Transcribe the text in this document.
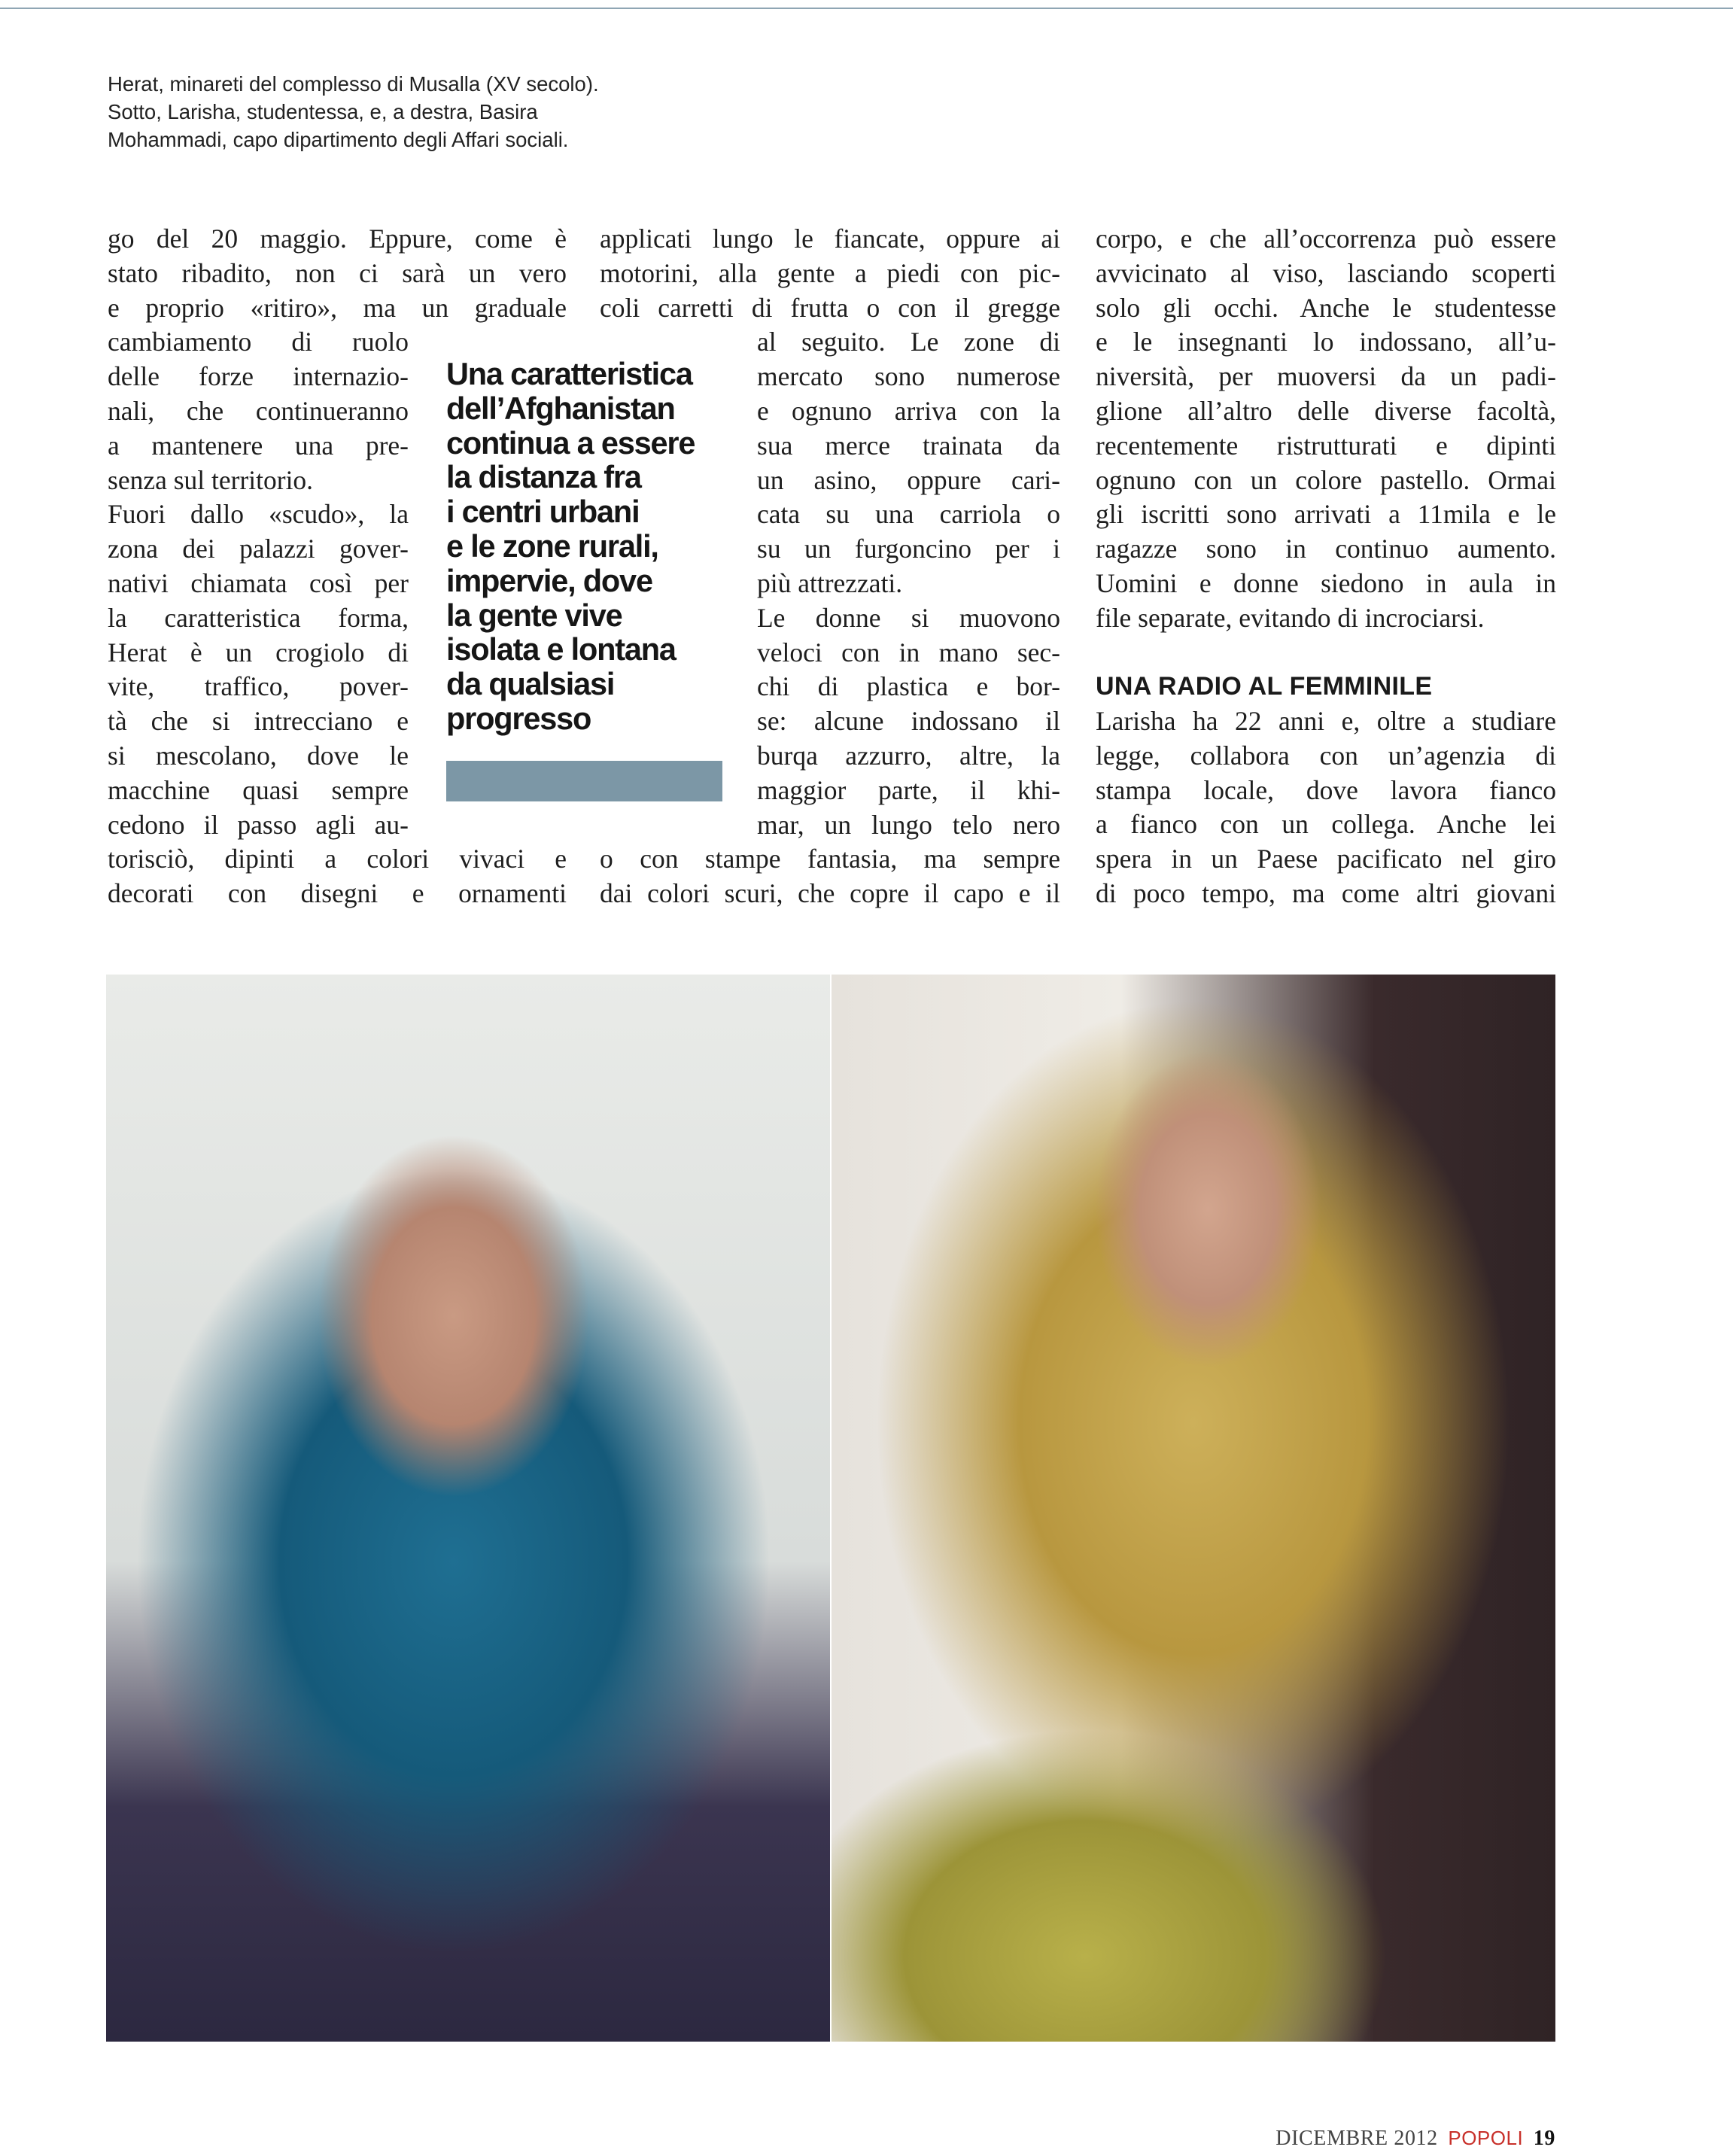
Herat, minareti del complesso di Musalla (XV secolo).
Sotto, Larisha, studentessa, e, a destra, Basira
Mohammadi, capo dipartimento degli Affari sociali.
go del 20 maggio. Eppure, come è
stato ribadito, non ci sarà un vero
e proprio «ritiro», ma un graduale
cambiamento di ruolo
delle forze internazio-
nali, che continueranno
a mantenere una pre-
senza sul territorio.
Fuori dallo «scudo», la
zona dei palazzi gover-
nativi chiamata così per
la caratteristica forma,
Herat è un crogiolo di
vite, traffico, pover-
tà che si intrecciano e
si mescolano, dove le
macchine quasi sempre
cedono il passo agli au-
torisciò, dipinti a colori vivaci e
decorati con disegni e ornamenti
applicati lungo le fiancate, oppure ai
motorini, alla gente a piedi con pic-
coli carretti di frutta o con il gregge
al seguito. Le zone di
mercato sono numerose
e ognuno arriva con la
sua merce trainata da
un asino, oppure cari-
cata su una carriola o
su un furgoncino per i
più attrezzati.
Le donne si muovono
veloci con in mano sec-
chi di plastica e bor-
se: alcune indossano il
burqa azzurro, altre, la
maggior parte, il khi-
mar, un lungo telo nero
o con stampe fantasia, ma sempre
dai colori scuri, che copre il capo e il
corpo, e che all’occorrenza può essere
avvicinato al viso, lasciando scoperti
solo gli occhi. Anche le studentesse
e le insegnanti lo indossano, all’u-
niversità, per muoversi da un padi-
glione all’altro delle diverse facoltà,
recentemente ristrutturati e dipinti
ognuno con un colore pastello. Ormai
gli iscritti sono arrivati a 11mila e le
ragazze sono in continuo aumento.
Uomini e donne siedono in aula in
file separate, evitando di incrociarsi.
Larisha ha 22 anni e, oltre a studiare
legge, collabora con un’agenzia di
stampa locale, dove lavora fianco
a fianco con un collega. Anche lei
spera in un Paese pacificato nel giro
di poco tempo, ma come altri giovani
Una caratteristica
dell’Afghanistan
continua a essere
la distanza fra
i centri urbani
e le zone rurali,
impervie, dove
la gente vive
isolata e lontana
da qualsiasi
progresso
UNA RADIO AL FEMMINILE
DICEMBRE 2012 POPOLI 19
